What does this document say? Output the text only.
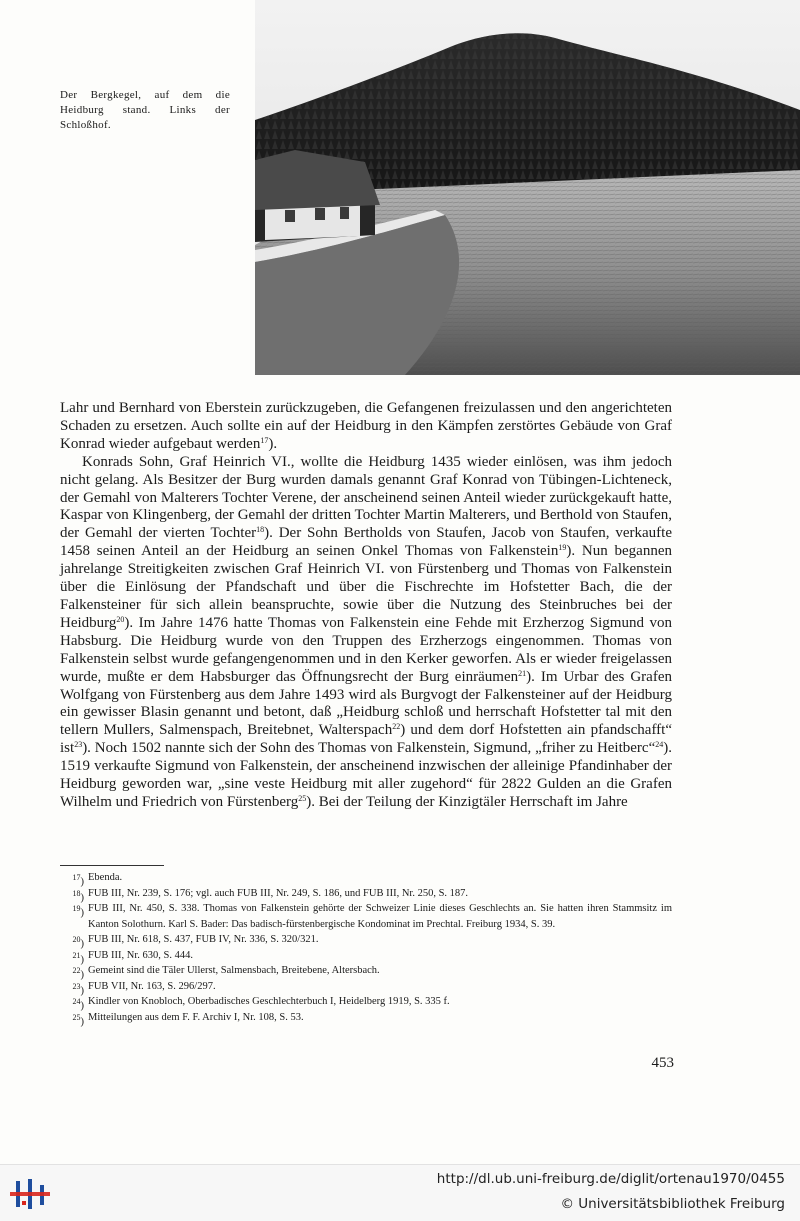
Der Bergkegel, auf dem die Heidburg stand. Links der Schloßhof.

Lahr und Bernhard von Eberstein zurückzugeben, die Gefangenen freizulassen und den angerichteten Schaden zu ersetzen. Auch sollte ein auf der Heidburg in den Kämpfen zerstörtes Gebäude von Graf Konrad wieder aufgebaut werden$^{17}$).

Konrads Sohn, Graf Heinrich VI., wollte die Heidburg 1435 wieder einlösen, was ihm jedoch nicht gelang. Als Besitzer der Burg wurden damals genannt Graf Konrad von Tübingen-Lichteneck, der Gemahl von Malterers Tochter Verene, der anscheinend seinen Anteil wieder zurückgekauft hatte, Kaspar von Klingenberg, der Gemahl der dritten Tochter Martin Malterers, und Berthold von Staufen, der Gemahl der vierten Tochter$^{18}$). Der Sohn Bertholds von Staufen, Jacob von Staufen, verkaufte 1458 seinen Anteil an der Heidburg an seinen Onkel Thomas von Falkenstein$^{19}$). Nun begannen jahrelange Streitigkeiten zwischen Graf Heinrich VI. von Fürstenberg und Thomas von Falkenstein über die Einlösung der Pfandschaft und über die Fischrechte im Hofstetter Bach, die der Falkensteiner für sich allein beanspruchte, sowie über die Nutzung des Steinbruches bei der Heidburg$^{20}$). Im Jahre 1476 hatte Thomas von Falkenstein eine Fehde mit Erzherzog Sigmund von Habsburg. Die Heidburg wurde von den Truppen des Erzherzogs eingenommen. Thomas von Falkenstein selbst wurde gefangengenommen und in den Kerker geworfen. Als er wieder freigelassen wurde, mußte er dem Habsburger das Öffnungsrecht der Burg einräumen$^{21}$). Im Urbar des Grafen Wolfgang von Fürstenberg aus dem Jahre 1493 wird als Burgvogt der Falkensteiner auf der Heidburg ein gewisser Blasin genannt und betont, daß „Heidburg schloß und herrschaft Hofstetter tal mit den tellern Mullers, Salmenspach, Breitebnet, Walterspach$^{22}$) und dem dorf Hofstetten ain pfandschafft“ ist$^{23}$). Noch 1502 nannte sich der Sohn des Thomas von Falkenstein, Sigmund, „friher zu Heitberc“$^{24}$). 1519 verkaufte Sigmund von Falkenstein, der anscheinend inzwischen der alleinige Pfandinhaber der Heidburg geworden war, „sine veste Heidburg mit aller zugehord“ für 2822 Gulden an die Grafen Wilhelm und Friedrich von Fürstenberg$^{25}$). Bei der Teilung der Kinzigtäler Herrschaft im Jahre

$^{17}$) Ebenda.

$^{18}$) FUB III, Nr. 239, S. 176; vgl. auch FUB III, Nr. 249, S. 186, und FUB III, Nr. 250, S. 187.

$^{19}$) FUB III, Nr. 450, S. 338. Thomas von Falkenstein gehörte der Schweizer Linie dieses Geschlechts an. Sie hatten ihren Stammsitz im Kanton Solothurn. Karl S. Bader: Das badisch-fürstenbergische Kondominat im Prechtal. Freiburg 1934, S. 39.

$^{20}$) FUB III, Nr. 618, S. 437, FUB IV, Nr. 336, S. 320/321.

$^{21}$) FUB III, Nr. 630, S. 444.

$^{22}$) Gemeint sind die Täler Ullerst, Salmensbach, Breitebene, Altersbach.

$^{23}$) FUB VII, Nr. 163, S. 296/297.

$^{24}$) Kindler von Knobloch, Oberbadisches Geschlechterbuch I, Heidelberg 1919, S. 335 f.

$^{25}$) Mitteilungen aus dem F. F. Archiv I, Nr. 108, S. 53.

453
http://dl.ub.uni-freiburg.de/diglit/ortenau1970/0455
© Universitätsbibliothek Freiburg
